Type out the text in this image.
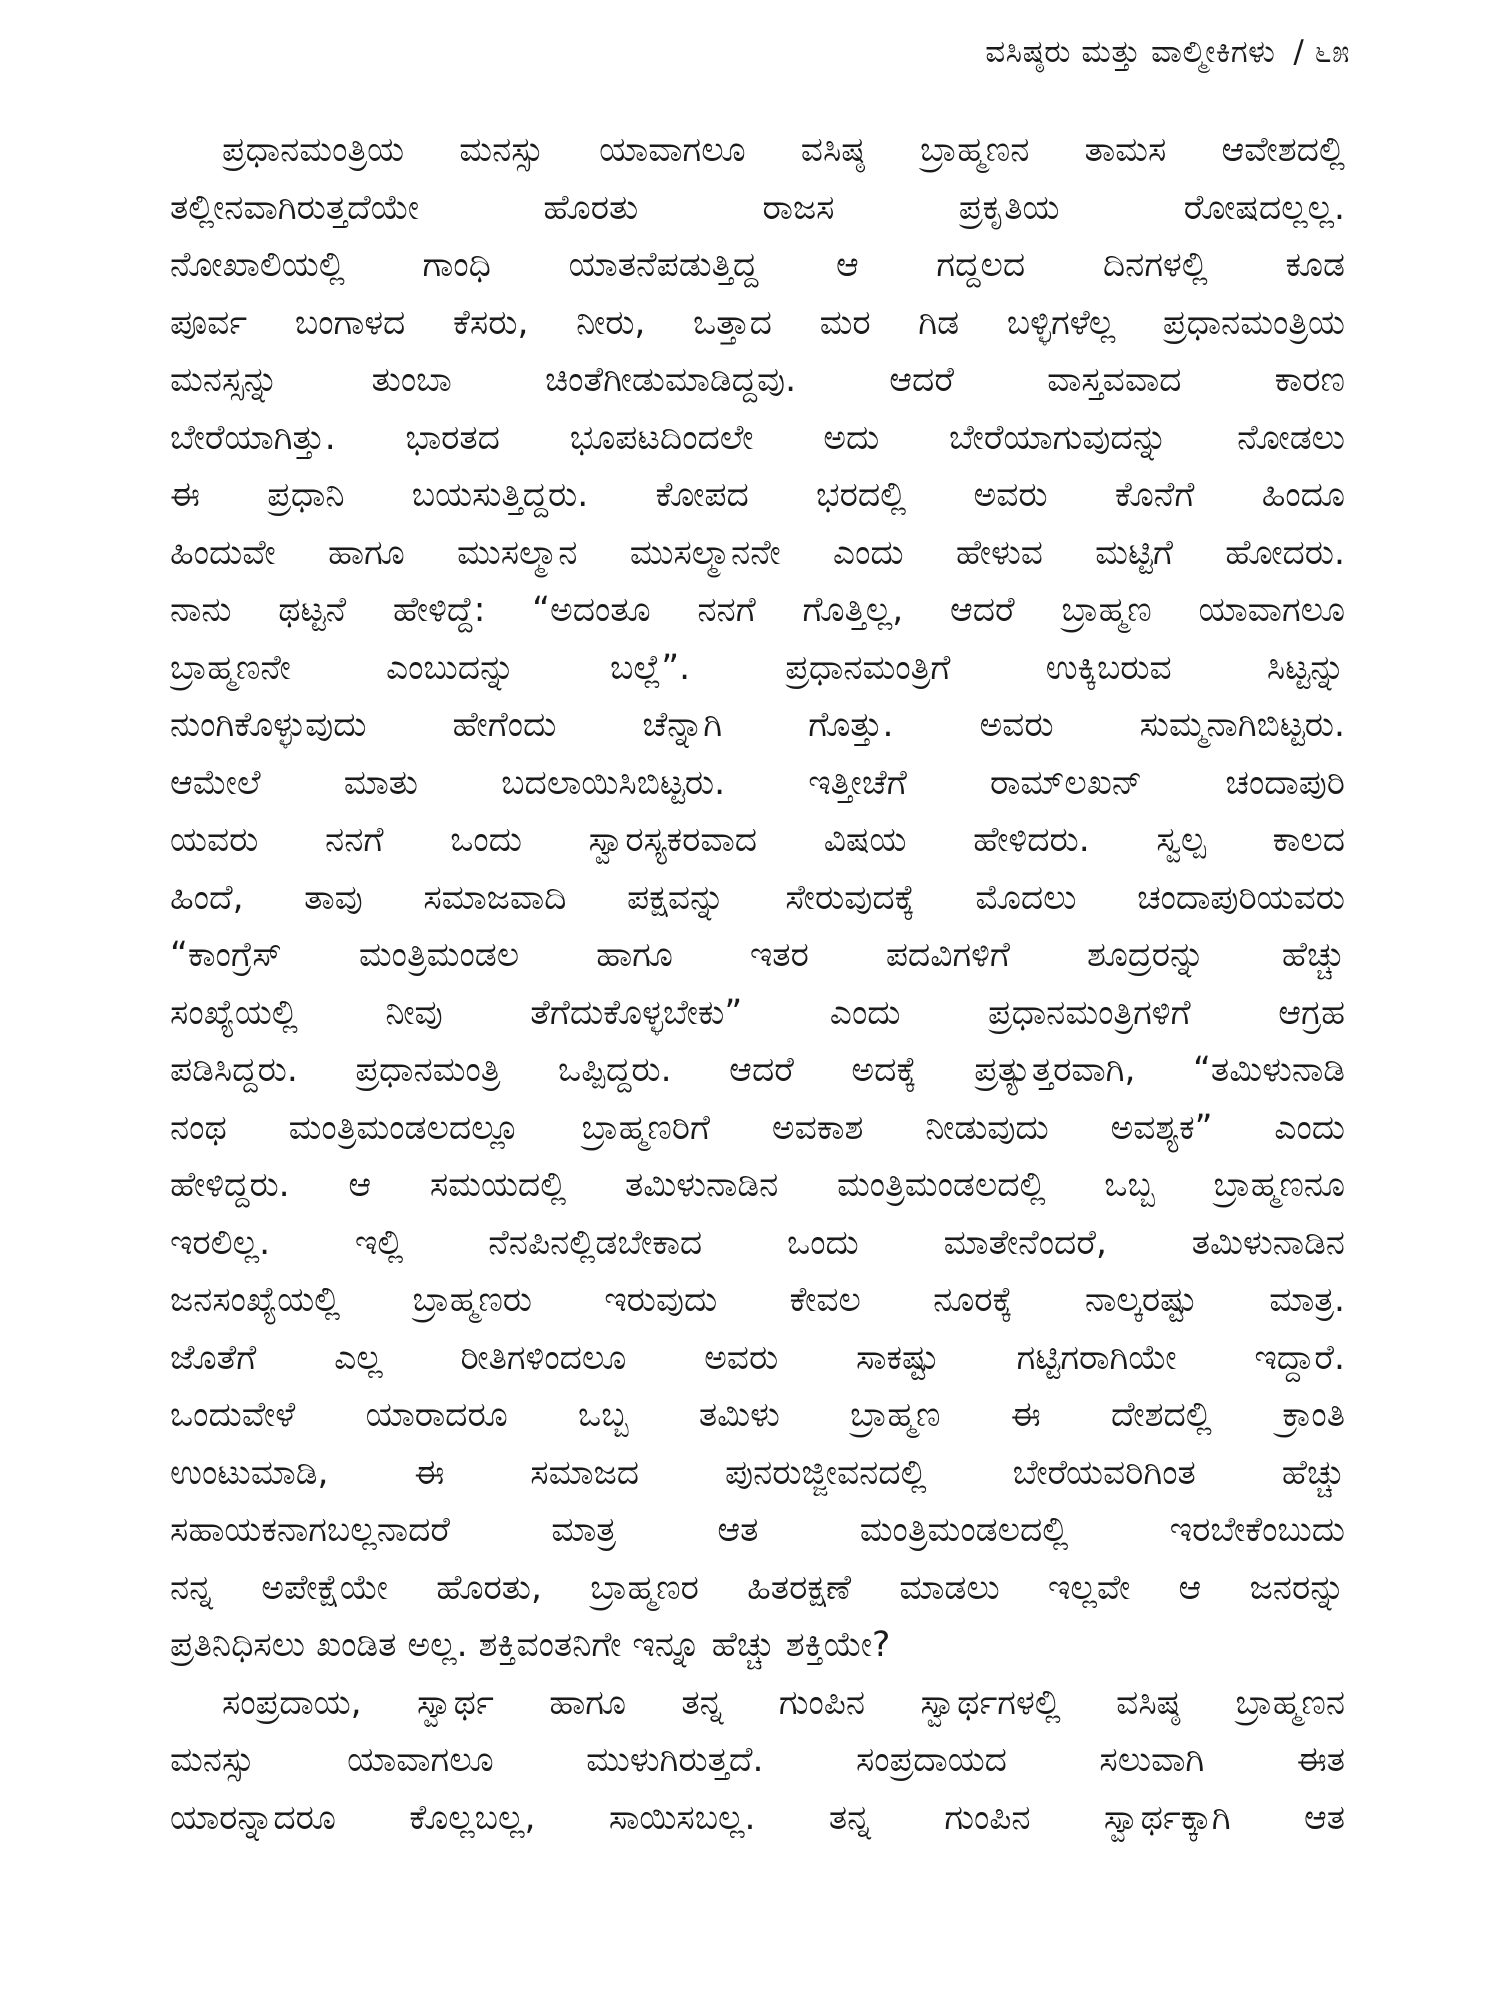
ವಸಿಷ್ಠರು ಮತ್ತು ವಾಲ್ಮೀಕಿಗಳು / ೬೫
ಪ್ರಧಾನಮಂತ್ರಿಯ ಮನಸ್ಸು ಯಾವಾಗಲೂ ವಸಿಷ್ಠ ಬ್ರಾಹ್ಮಣನ ತಾಮಸ ಆವೇಶದಲ್ಲಿ
ತಲ್ಲೀನವಾಗಿರುತ್ತದೆಯೇ ಹೊರತು ರಾಜಸ ಪ್ರಕೃತಿಯ ರೋಷದಲ್ಲಲ್ಲ.
ನೋಖಾಲಿಯಲ್ಲಿ ಗಾಂಧಿ ಯಾತನೆಪಡುತ್ತಿದ್ದ ಆ ಗದ್ದಲದ ದಿನಗಳಲ್ಲಿ ಕೂಡ
ಪೂರ್ವ ಬಂಗಾಳದ ಕೆಸರು, ನೀರು, ಒತ್ತಾದ ಮರ ಗಿಡ ಬಳ್ಳಿಗಳೆಲ್ಲ ಪ್ರಧಾನಮಂತ್ರಿಯ
ಮನಸ್ಸನ್ನು ತುಂಬಾ ಚಿಂತೆಗೀಡುಮಾಡಿದ್ದವು. ಆದರೆ ವಾಸ್ತವವಾದ ಕಾರಣ
ಬೇರೆಯಾಗಿತ್ತು. ಭಾರತದ ಭೂಪಟದಿಂದಲೇ ಅದು ಬೇರೆಯಾಗುವುದನ್ನು ನೋಡಲು
ಈ ಪ್ರಧಾನಿ ಬಯಸುತ್ತಿದ್ದರು. ಕೋಪದ ಭರದಲ್ಲಿ ಅವರು ಕೊನೆಗೆ ಹಿಂದೂ
ಹಿಂದುವೇ ಹಾಗೂ ಮುಸಲ್ಮಾನ ಮುಸಲ್ಮಾನನೇ ಎಂದು ಹೇಳುವ ಮಟ್ಟಿಗೆ ಹೋದರು.
ನಾನು ಥಟ್ಟನೆ ಹೇಳಿದ್ದೆ: “ಅದಂತೂ ನನಗೆ ಗೊತ್ತಿಲ್ಲ, ಆದರೆ ಬ್ರಾಹ್ಮಣ ಯಾವಾಗಲೂ
ಬ್ರಾಹ್ಮಣನೇ ಎಂಬುದನ್ನು ಬಲ್ಲೆ”. ಪ್ರಧಾನಮಂತ್ರಿಗೆ ಉಕ್ಕಿಬರುವ ಸಿಟ್ಟನ್ನು
ನುಂಗಿಕೊಳ್ಳುವುದು ಹೇಗೆಂದು ಚೆನ್ನಾಗಿ ಗೊತ್ತು. ಅವರು ಸುಮ್ಮನಾಗಿಬಿಟ್ಟರು.
ಆಮೇಲೆ ಮಾತು ಬದಲಾಯಿಸಿಬಿಟ್ಟರು. ಇತ್ತೀಚೆಗೆ ರಾಮ್‌ಲಖನ್ ಚಂದಾಪುರಿ
ಯವರು ನನಗೆ ಒಂದು ಸ್ವಾರಸ್ಯಕರವಾದ ವಿಷಯ ಹೇಳಿದರು. ಸ್ವಲ್ಪ ಕಾಲದ
ಹಿಂದೆ, ತಾವು ಸಮಾಜವಾದಿ ಪಕ್ಷವನ್ನು ಸೇರುವುದಕ್ಕೆ ಮೊದಲು ಚಂದಾಪುರಿಯವರು
“ಕಾಂಗ್ರೆಸ್ ಮಂತ್ರಿಮಂಡಲ ಹಾಗೂ ಇತರ ಪದವಿಗಳಿಗೆ ಶೂದ್ರರನ್ನು ಹೆಚ್ಚು
ಸಂಖ್ಯೆಯಲ್ಲಿ ನೀವು ತೆಗೆದುಕೊಳ್ಳಬೇಕು” ಎಂದು ಪ್ರಧಾನಮಂತ್ರಿಗಳಿಗೆ ಆಗ್ರಹ
ಪಡಿಸಿದ್ದರು. ಪ್ರಧಾನಮಂತ್ರಿ ಒಪ್ಪಿದ್ದರು. ಆದರೆ ಅದಕ್ಕೆ ಪ್ರತ್ಯುತ್ತರವಾಗಿ, “ತಮಿಳುನಾಡಿ
ನಂಥ ಮಂತ್ರಿಮಂಡಲದಲ್ಲೂ ಬ್ರಾಹ್ಮಣರಿಗೆ ಅವಕಾಶ ನೀಡುವುದು ಅವಶ್ಯಕ” ಎಂದು
ಹೇಳಿದ್ದರು. ಆ ಸಮಯದಲ್ಲಿ ತಮಿಳುನಾಡಿನ ಮಂತ್ರಿಮಂಡಲದಲ್ಲಿ ಒಬ್ಬ ಬ್ರಾಹ್ಮಣನೂ
ಇರಲಿಲ್ಲ. ಇಲ್ಲಿ ನೆನಪಿನಲ್ಲಿಡಬೇಕಾದ ಒಂದು ಮಾತೇನೆಂದರೆ, ತಮಿಳುನಾಡಿನ
ಜನಸಂಖ್ಯೆಯಲ್ಲಿ ಬ್ರಾಹ್ಮಣರು ಇರುವುದು ಕೇವಲ ನೂರಕ್ಕೆ ನಾಲ್ಕರಷ್ಟು ಮಾತ್ರ.
ಜೊತೆಗೆ ಎಲ್ಲ ರೀತಿಗಳಿಂದಲೂ ಅವರು ಸಾಕಷ್ಟು ಗಟ್ಟಿಗರಾಗಿಯೇ ಇದ್ದಾರೆ.
ಒಂದುವೇಳೆ ಯಾರಾದರೂ ಒಬ್ಬ ತಮಿಳು ಬ್ರಾಹ್ಮಣ ಈ ದೇಶದಲ್ಲಿ ಕ್ರಾಂತಿ
ಉಂಟುಮಾಡಿ, ಈ ಸಮಾಜದ ಪುನರುಜ್ಜೀವನದಲ್ಲಿ ಬೇರೆಯವರಿಗಿಂತ ಹೆಚ್ಚು
ಸಹಾಯಕನಾಗಬಲ್ಲನಾದರೆ ಮಾತ್ರ ಆತ ಮಂತ್ರಿಮಂಡಲದಲ್ಲಿ ಇರಬೇಕೆಂಬುದು
ನನ್ನ ಅಪೇಕ್ಷೆಯೇ ಹೊರತು, ಬ್ರಾಹ್ಮಣರ ಹಿತರಕ್ಷಣೆ ಮಾಡಲು ಇಲ್ಲವೇ ಆ ಜನರನ್ನು
ಪ್ರತಿನಿಧಿಸಲು ಖಂಡಿತ ಅಲ್ಲ. ಶಕ್ತಿವಂತನಿಗೇ ಇನ್ನೂ ಹೆಚ್ಚು ಶಕ್ತಿಯೇ?
ಸಂಪ್ರದಾಯ, ಸ್ವಾರ್ಥ ಹಾಗೂ ತನ್ನ ಗುಂಪಿನ ಸ್ವಾರ್ಥಗಳಲ್ಲಿ ವಸಿಷ್ಠ ಬ್ರಾಹ್ಮಣನ
ಮನಸ್ಸು ಯಾವಾಗಲೂ ಮುಳುಗಿರುತ್ತದೆ. ಸಂಪ್ರದಾಯದ ಸಲುವಾಗಿ ಈತ
ಯಾರನ್ನಾದರೂ ಕೊಲ್ಲಬಲ್ಲ, ಸಾಯಿಸಬಲ್ಲ. ತನ್ನ ಗುಂಪಿನ ಸ್ವಾರ್ಥಕ್ಕಾಗಿ ಆತ
